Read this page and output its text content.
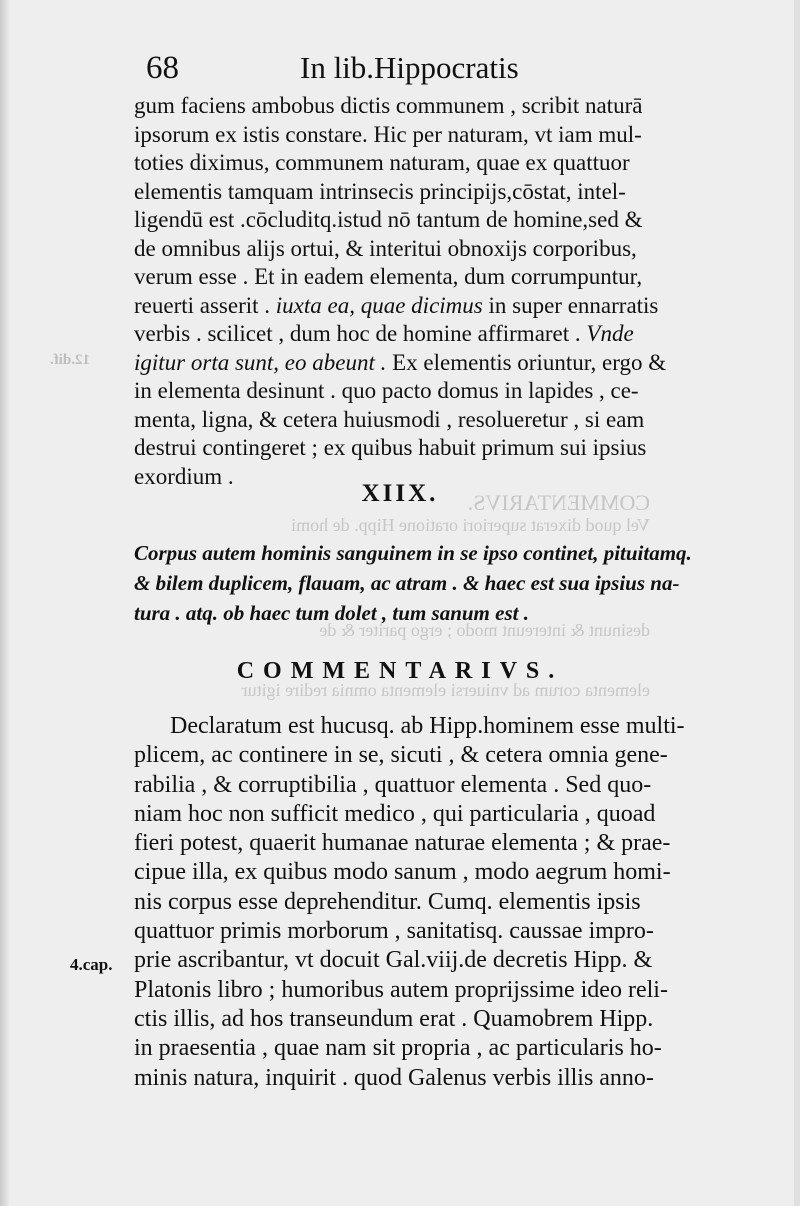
COMMENTARIVS.
Vel quod dixerat superiori oratione Hipp. de homi
desinunt & intereunt modo ; ergo pariter & de
elementa corum ad vniuersi elementa omnia redire igitur
12.dif.
68	In lib.Hippocratis
gum faciens ambobus dictis communem , scribit naturā
ipsorum ex istis constare. Hic per naturam, vt iam mul-
toties diximus, communem naturam, quae ex quattuor
elementis tamquam intrinsecis principijs,cōstat, intel-
ligendū est .cōcluditq.istud nō tantum de homine,sed &
de omnibus alijs ortui, & interitui obnoxijs corporibus,
verum esse . Et in eadem elementa, dum corrumpuntur,
reuerti asserit . iuxta ea, quae dicimus in super ennarratis
verbis . scilicet , dum hoc de homine affirmaret . Vnde
igitur orta sunt, eo abeunt . Ex elementis oriuntur, ergo &
in elementa desinunt . quo pacto domus in lapides , ce-
menta, ligna, & cetera huiusmodi , resolueretur , si eam
destrui contingeret ; ex quibus habuit primum sui ipsius
exordium .
XIIX.
Corpus autem hominis sanguinem in se ipso continet, pituitamq.
& bilem duplicem, flauam, ac atram . & haec est sua ipsius na-
tura . atq. ob haec tum dolet , tum sanum est .
COMMENTARIVS.
Declaratum est hucusq. ab Hipp.hominem esse multi-
plicem, ac continere in se, sicuti , & cetera omnia gene-
rabilia , & corruptibilia , quattuor elementa . Sed quo-
niam hoc non sufficit medico , qui particularia , quoad
fieri potest, quaerit humanae naturae elementa ; & prae-
cipue illa, ex quibus modo sanum , modo aegrum homi-
nis corpus esse deprehenditur. Cumq. elementis ipsis
quattuor primis morborum , sanitatisq. caussae impro-
prie ascribantur, vt docuit Gal.viij.de decretis Hipp. &
Platonis libro ; humoribus autem proprijssime ideo reli-
ctis illis, ad hos transeundum erat . Quamobrem Hipp.
in praesentia , quae nam sit propria , ac particularis ho-
minis natura, inquirit . quod Galenus verbis illis anno-
4.cap.
